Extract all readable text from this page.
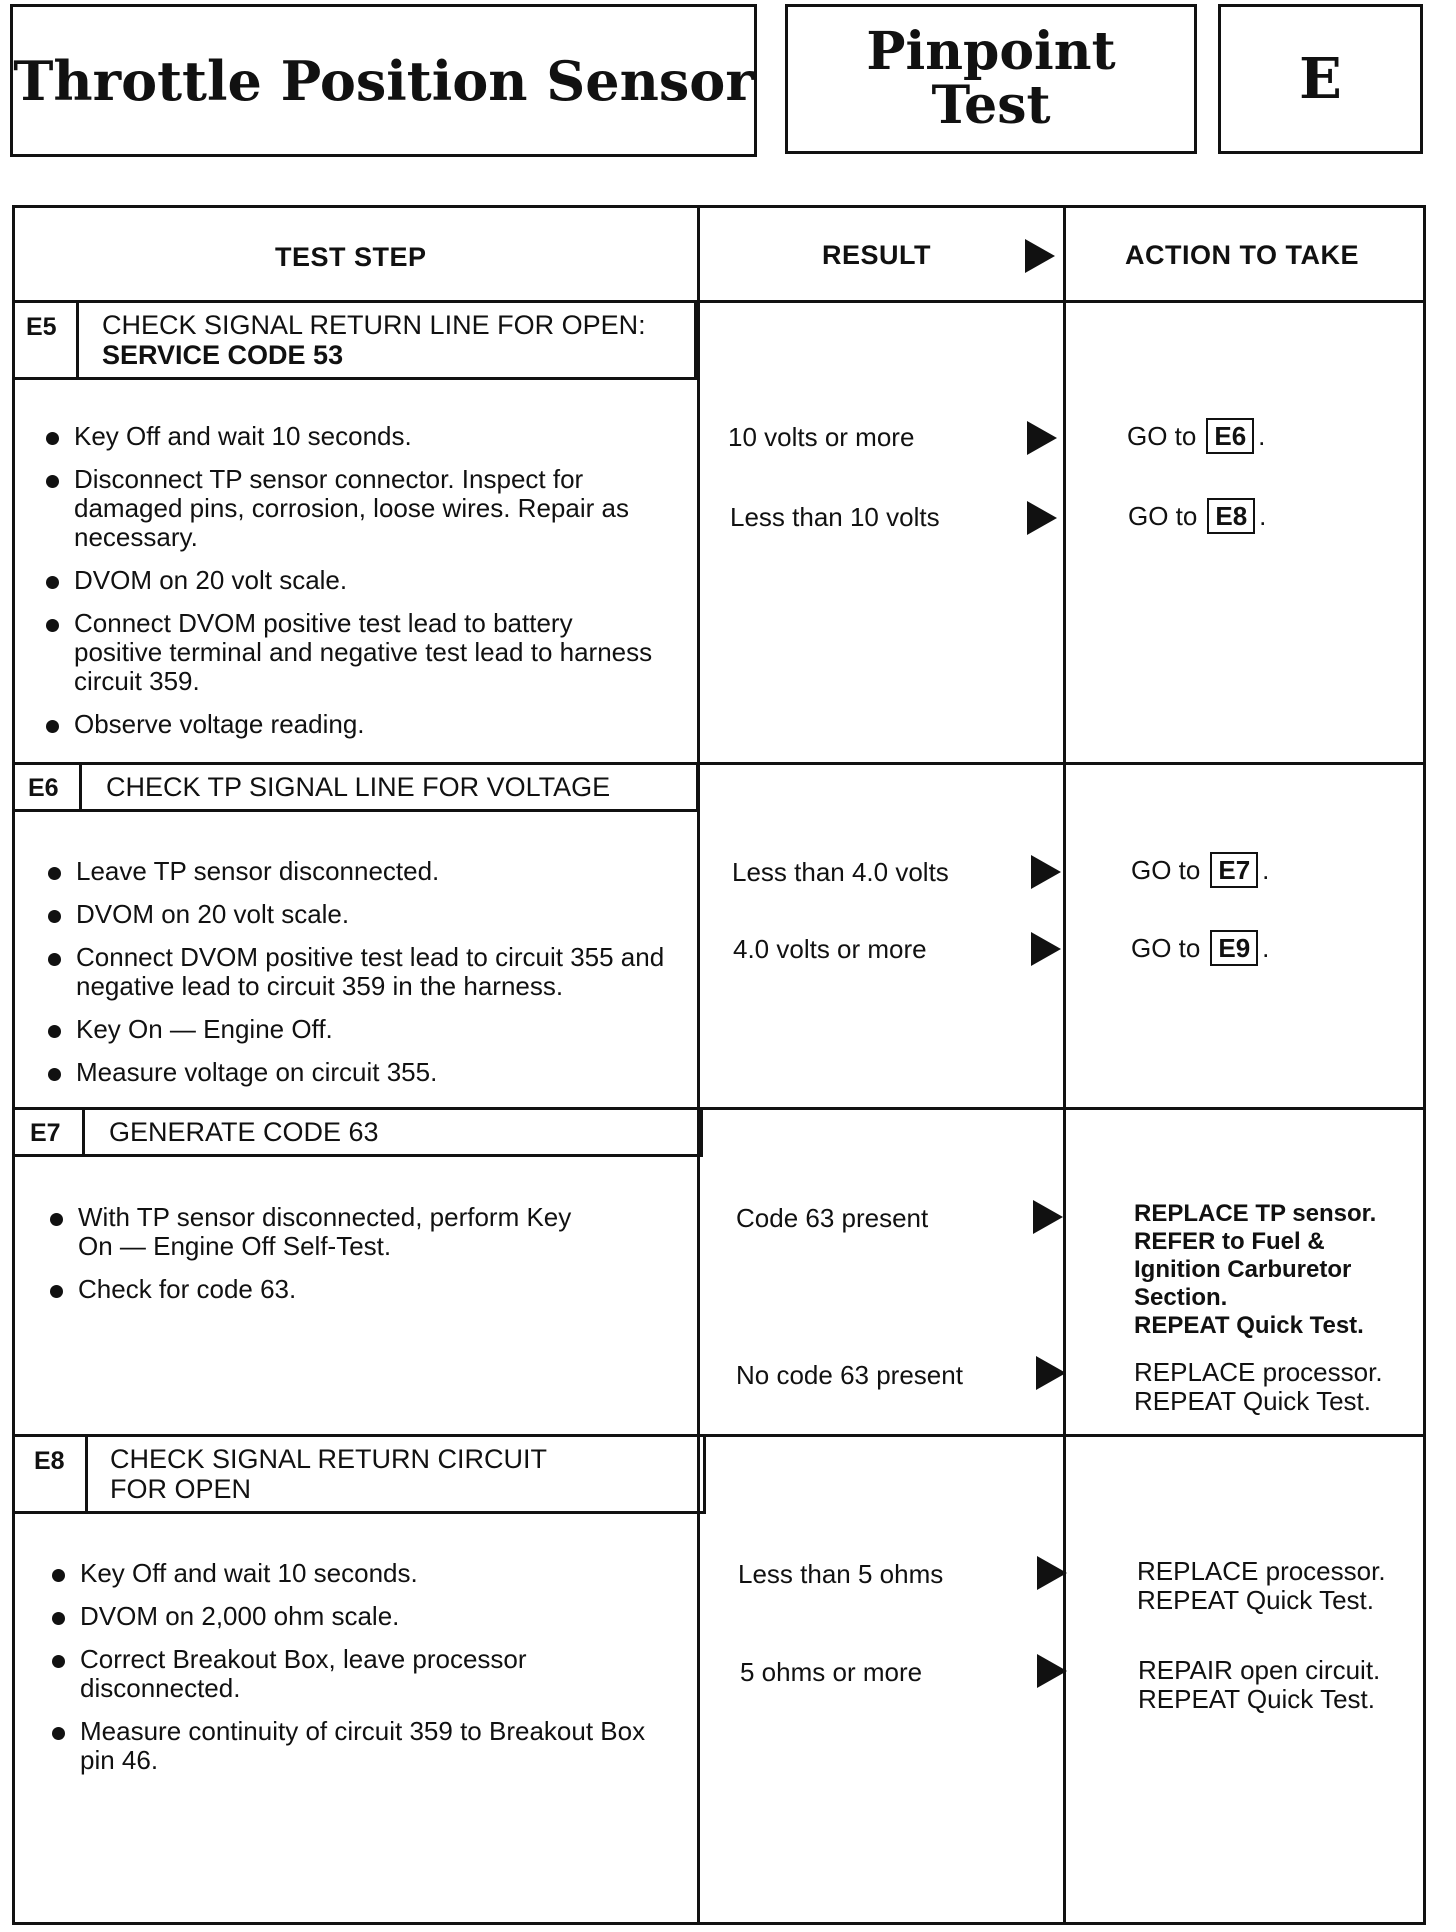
Throttle Position Sensor Pinpoint
Test	E
TEST STEP	RESULT	ACTION TO TAKE
E5 CHECK SIGNAL RETURN LINE FOR OPEN:
SERVICE CODE 53
Key Off and wait 10 seconds.
Disconnect TP sensor connector. Inspect for damaged pins, corrosion, loose wires. Repair as necessary.
DVOM on 20 volt scale.
Connect DVOM positive test lead to battery positive terminal and negative test lead to harness circuit 359.
Observe voltage reading.
10 volts or more	GO to E6 .
Less than 10 volts	GO to E8 .
E6 CHECK TP SIGNAL LINE FOR VOLTAGE
Leave TP sensor disconnected.
DVOM on 20 volt scale.
Connect DVOM positive test lead to circuit 355 and negative lead to circuit 359 in the harness.
Key On — Engine Off.
Measure voltage on circuit 355.
Less than 4.0 volts	GO to E7 .
4.0 volts or more	GO to E9 .
E7 GENERATE CODE 63
With TP sensor disconnected, perform Key On — Engine Off Self-Test.
Check for code 63.
Code 63 present	REPLACE TP sensor.
REFER to Fuel &
Ignition Carburetor
Section.
REPEAT Quick Test.
No code 63 present	REPLACE processor.
REPEAT Quick Test.
E8 CHECK SIGNAL RETURN CIRCUIT
FOR OPEN
Key Off and wait 10 seconds.
DVOM on 2,000 ohm scale.
Correct Breakout Box, leave processor disconnected.
Measure continuity of circuit 359 to Breakout Box pin 46.
Less than 5 ohms	REPLACE processor.
REPEAT Quick Test.
5 ohms or more	REPAIR open circuit.
REPEAT Quick Test.
